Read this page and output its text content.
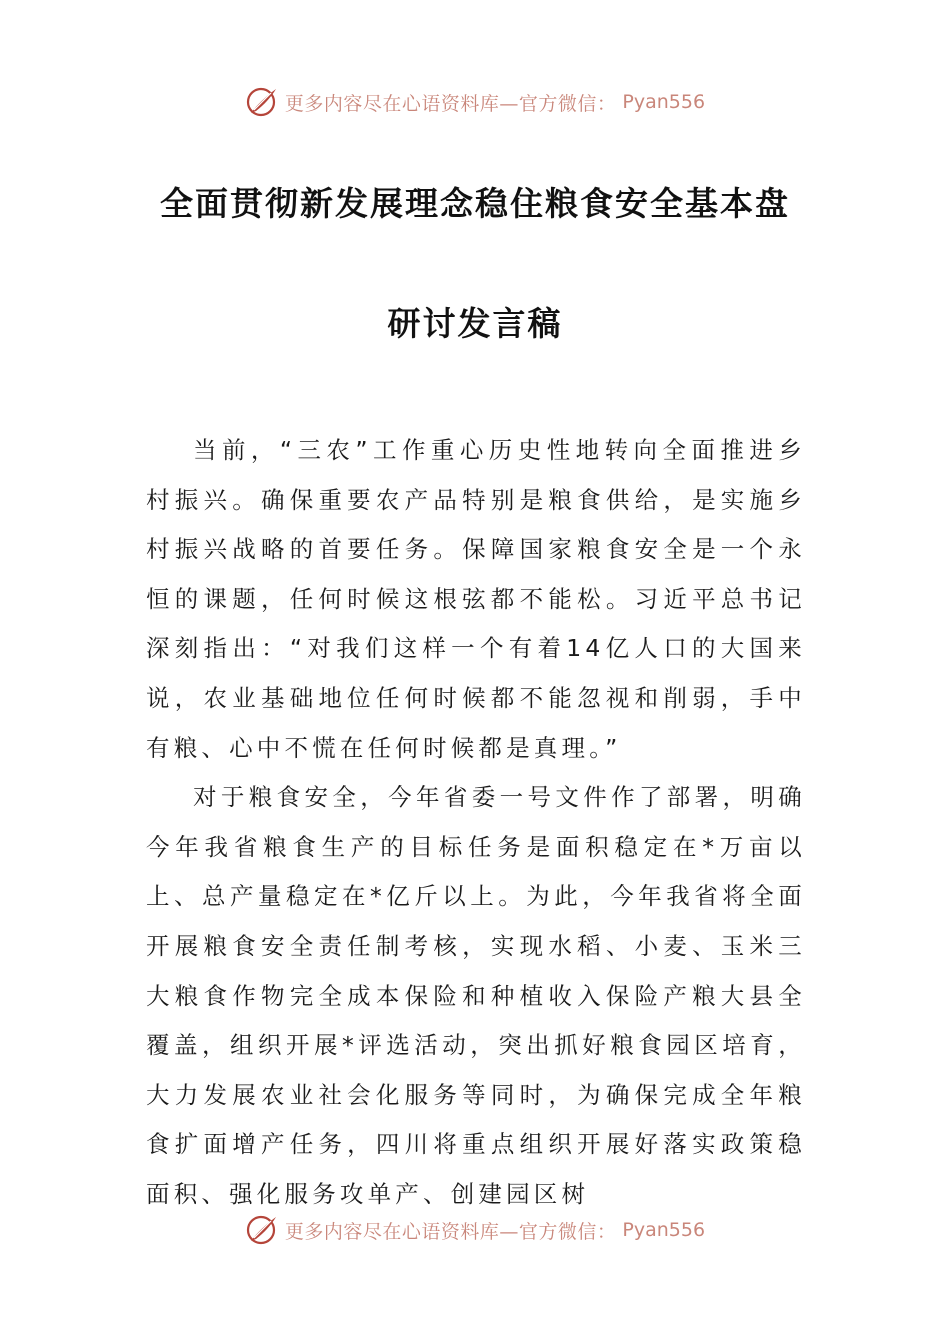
更多内容尽在心语资料库—官方微信： Pyan556
全面贯彻新发展理念稳住粮食安全基本盘
研讨发言稿

当前，“三农”工作重心历史性地转向全面推进乡村振兴。确保重要农产品特别是粮食供给，是实施乡村振兴战略的首要任务。保障国家粮食安全是一个永恒的课题，任何时候这根弦都不能松。习近平总书记深刻指出：“对我们这样一个有着14亿人口的大国来说，农业基础地位任何时候都不能忽视和削弱，手中有粮、心中不慌在任何时候都是真理。”

对于粮食安全，今年省委一号文件作了部署，明确今年我省粮食生产的目标任务是面积稳定在*万亩以上、总产量稳定在*亿斤以上。为此，今年我省将全面开展粮食安全责任制考核，实现水稻、小麦、玉米三大粮食作物完全成本保险和种植收入保险产粮大县全覆盖，组织开展*评选活动，突出抓好粮食园区培育，大力发展农业社会化服务等同时，为确保完成全年粮食扩面增产任务，四川将重点组织开展好落实政策稳面积、强化服务攻单产、创建园区树

更多内容尽在心语资料库—官方微信： Pyan556
